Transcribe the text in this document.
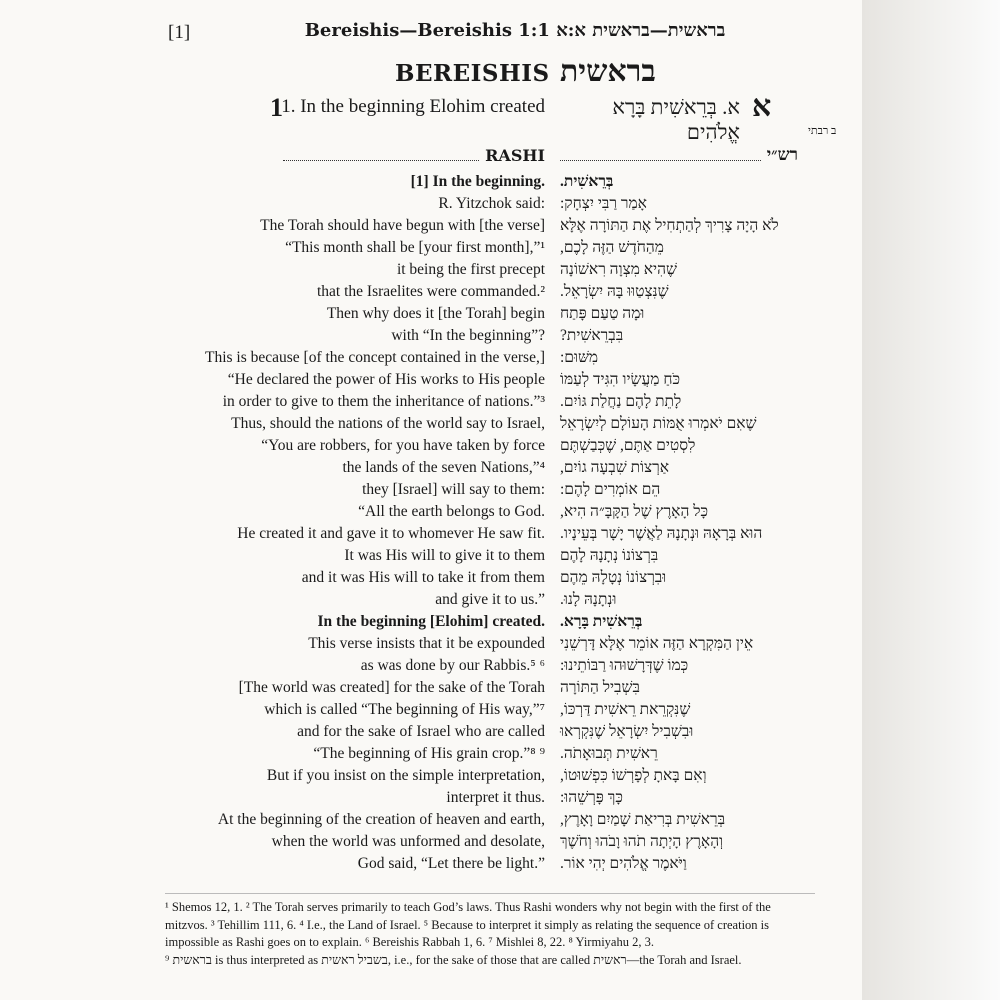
[1]	Bereishis—Bereishis 1:1 בראשית—בראשית א:א
BEREISHIS בראשית
1
1. In the beginning Elohim created	א
א. בְּרֵאשִׁית בָּרָא אֱלֹהִים	ב רבתי
RASHI	רש״י
[1] In the beginning. בְּרֵאשִׁית.
R. Yitzchok said: אָמַר רַבִּי יִצְחָק:
The Torah should have begun with [the verse] לֹא הָיָה צָרִיךְ לְהַתְחִיל אֶת הַתּוֹרָה אֶלָּא
“This month shall be [your first month],”¹ מֵהַחֹדֶשׁ הַזֶּה לָכֶם,
it being the first precept שֶׁהִיא מִצְוָה רִאשׁוֹנָה
that the Israelites were commanded.² שֶׁנִּצְטַוּוּ בָּהּ יִשְׂרָאֵל.
Then why does it [the Torah] begin וּמָה טַעַם פָּתַח
with “In the beginning”? בִּבְרֵאשִׁית?
This is because [of the concept contained in the verse,] מִשּׁוּם:
“He declared the power of His works to His people כֹּחַ מַעֲשָׂיו הִגִּיד לְעַמּוֹ
in order to give to them the inheritance of nations.”³ לָתֵת לָהֶם נַחֲלַת גּוֹיִם.
Thus, should the nations of the world say to Israel, שֶׁאִם יֹאמְרוּ אֻמּוֹת הָעוֹלָם לְיִשְׂרָאֵל
“You are robbers, for you have taken by force לִסְטִים אַתֶּם, שֶׁכְּבַשְׁתֶּם
the lands of the seven Nations,”⁴ אַרְצוֹת שִׁבְעָה גוֹיִם,
they [Israel] will say to them: הֵם אוֹמְרִים לָהֶם:
“All the earth belongs to God. כָּל הָאָרֶץ שֶׁל הַקָּבָּ״ה הִיא,
He created it and gave it to whomever He saw fit. הוּא בְּרָאָהּ וּנְתָנָהּ לַאֲשֶׁר יָשָׁר בְּעֵינָיו.
It was His will to give it to them בִּרְצוֹנוֹ נְתָנָהּ לָהֶם
and it was His will to take it from them וּבִרְצוֹנוֹ נְטָלָהּ מֵהֶם
and give it to us.” וּנְתָנָהּ לָנוּ.
In the beginning [Elohim] created. בְּרֵאשִׁית בָּרָא.
This verse insists that it be expounded אֵין הַמִּקְרָא הַזֶּה אוֹמֵר אֶלָּא דָּרְשֵׁנִי
as was done by our Rabbis.⁵ ⁶ כְּמוֹ שֶׁדְּרָשׁוּהוּ רַבּוֹתֵינוּ:
[The world was created] for the sake of the Torah בִּשְׁבִיל הַתּוֹרָה
which is called “The beginning of His way,”⁷ שֶׁנִּקְרֵאת רֵאשִׁית דַּרְכּוֹ,
and for the sake of Israel who are called וּבִשְׁבִיל יִשְׂרָאֵל שֶׁנִּקְרְאוּ
“The beginning of His grain crop.”⁸ ⁹ רֵאשִׁית תְּבוּאָתֹה.
But if you insist on the simple interpretation, וְאִם בָּאתָ לְפָרְשׁוֹ כִּפְשׁוּטוֹ,
interpret it thus. כָּךְ פָּרְשֵׁהוּ:
At the beginning of the creation of heaven and earth, בְּרֵאשִׁית בְּרִיאַת שָׁמַיִם וָאָרֶץ,
when the world was unformed and desolate, וְהָאָרֶץ הָיְתָה תֹהוּ וָבֹהוּ וְחֹשֶׁךְ
God said, “Let there be light.” וַיֹּאמֶר אֱלֹהִים יְהִי אוֹר.

¹ Shemos 12, 1. ² The Torah serves primarily to teach God’s laws. Thus Rashi wonders why not begin with the first of the mitzvos. ³ Tehillim 111, 6. ⁴ I.e., the Land of Israel. ⁵ Because to interpret it simply as relating the sequence of creation is impossible as Rashi goes on to explain. ⁶ Bereishis Rabbah 1, 6. ⁷ Mishlei 8, 22. ⁸ Yirmiyahu 2, 3.

⁹ בראשית is thus interpreted as בשביל ראשית, i.e., for the sake of those that are called ראשית—the Torah and Israel.
